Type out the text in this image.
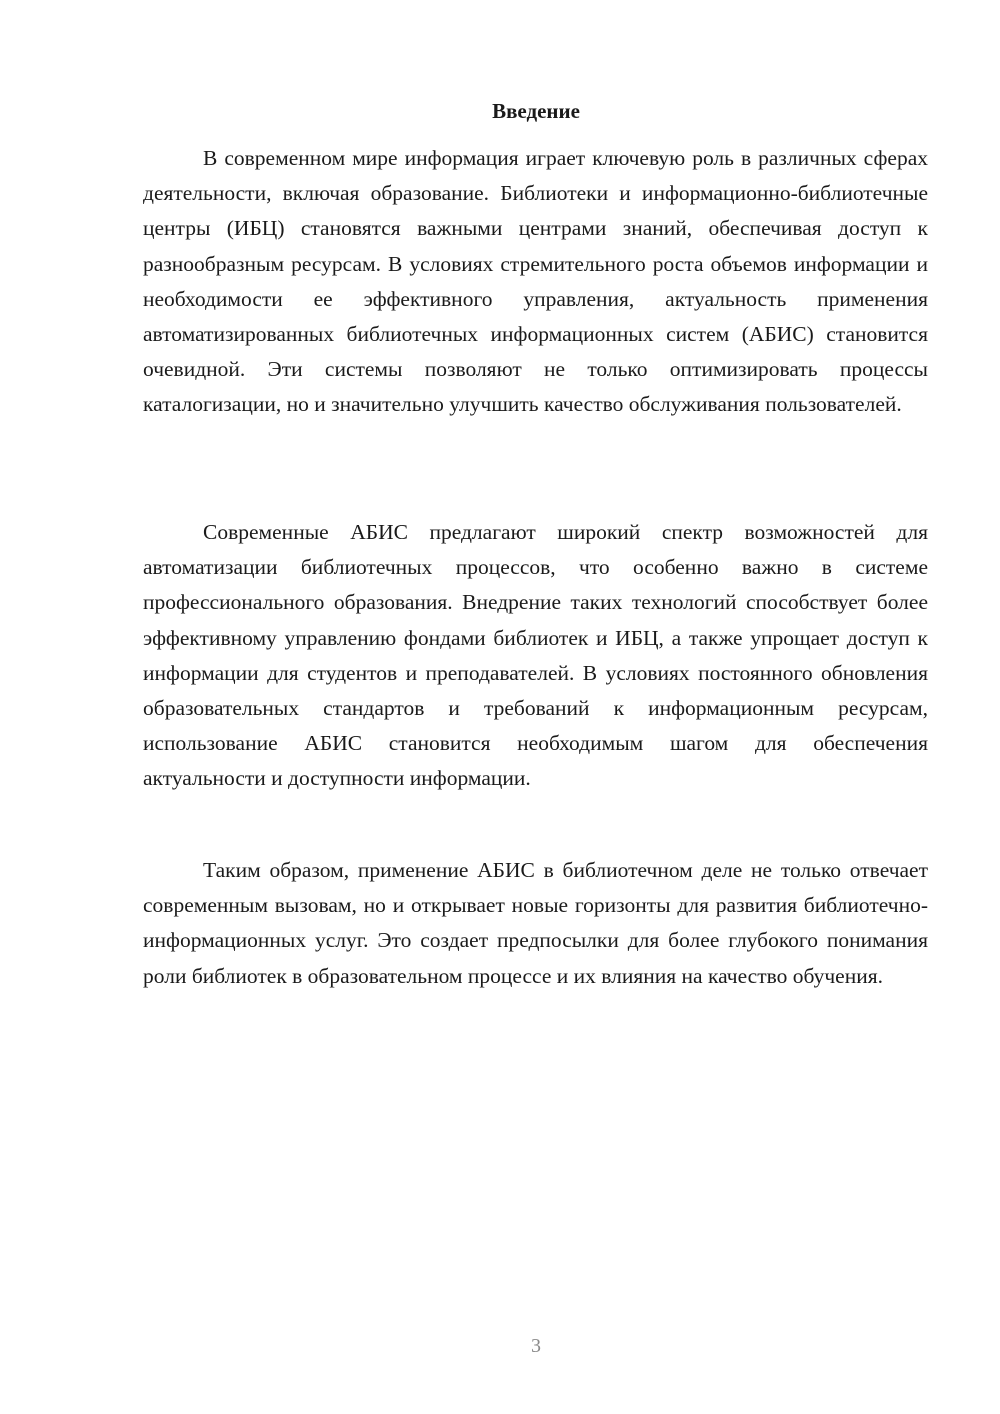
Введение

В современном мире информация играет ключевую роль в различных сферах деятельности, включая образование. Библиотеки и информационно-библиотечные центры (ИБЦ) становятся важными центрами знаний, обеспечивая доступ к разнообразным ресурсам. В условиях стремительного роста объемов информации и необходимости ее эффективного управления, актуальность применения автоматизированных библиотечных информационных систем (АБИС) становится очевидной. Эти системы позволяют не только оптимизировать процессы каталогизации, но и значительно улучшить качество обслуживания пользователей.

Современные АБИС предлагают широкий спектр возможностей для автоматизации библиотечных процессов, что особенно важно в системе профессионального образования. Внедрение таких технологий способствует более эффективному управлению фондами библиотек и ИБЦ, а также упрощает доступ к информации для студентов и преподавателей. В условиях постоянного обновления образовательных стандартов и требований к информационным ресурсам, использование АБИС становится необходимым шагом для обеспечения актуальности и доступности информации.

Таким образом, применение АБИС в библиотечном деле не только отвечает современным вызовам, но и открывает новые горизонты для развития библиотечно-информационных услуг. Это создает предпосылки для более глубокого понимания роли библиотек в образовательном процессе и их влияния на качество обучения.

3
